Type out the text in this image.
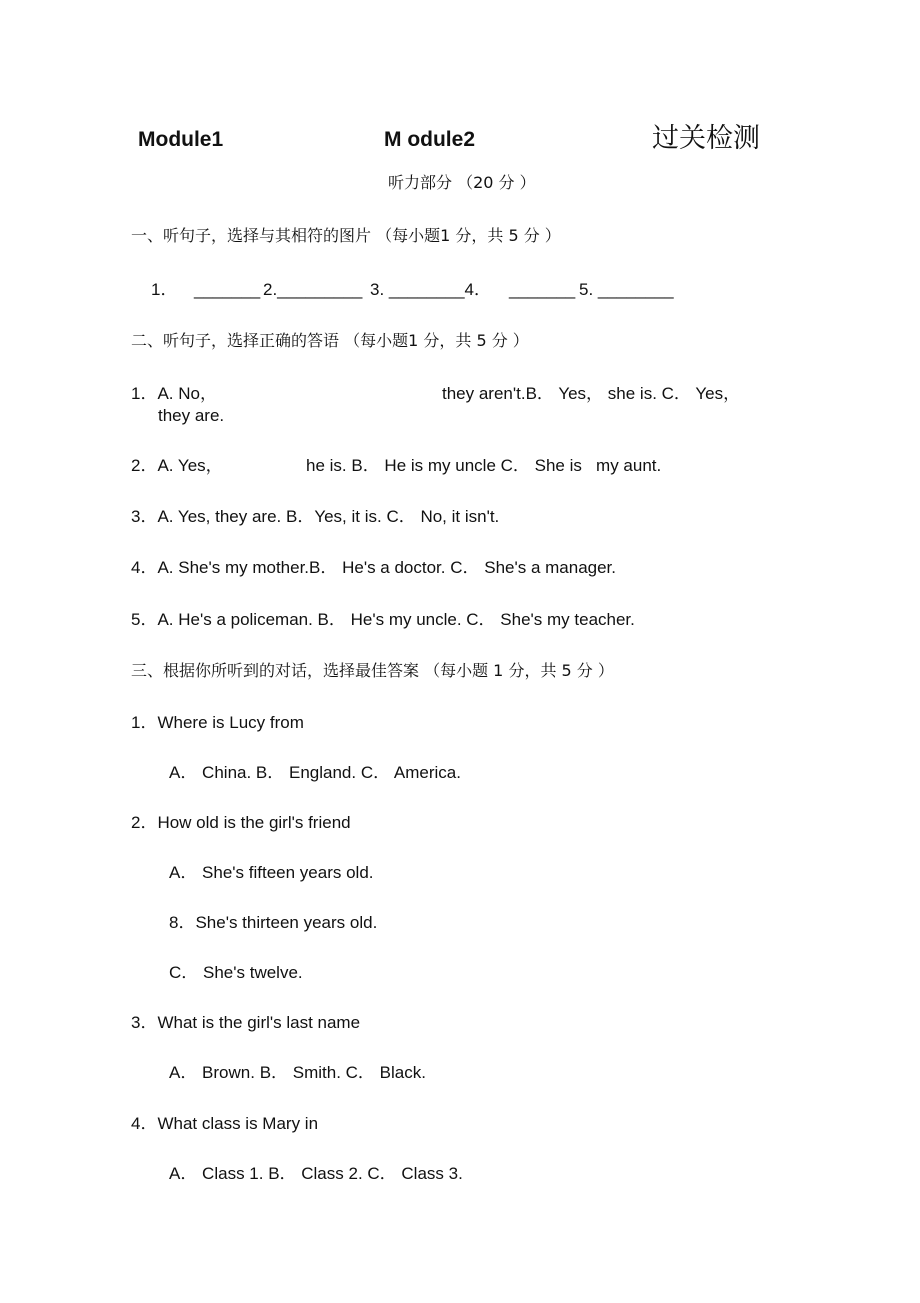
Module1	M odule2	过关检测
听力部分 （20 分 ）
一、听句子，选择与其相符的图片 （每小题1 分，共 5 分 ）
1． _______ 2._________ 3. ________4． _______ 5. ________
二、听句子，选择正确的答语 （每小题1 分，共 5 分 ）
1．A. No，	they aren't.B． Yes， she is. C． Yes，
they are.
2．A. Yes，	he is. B． He is my uncle C． She is   my aunt.
3．A. Yes, they are. B．Yes, it is. C． No, it isn't.
4．A. She's my mother.B． He's a doctor. C． She's a manager.
5．A. He's a policeman. B． He's my uncle. C． She's my teacher.
三、根据你所听到的对话，选择最佳答案 （每小题 1 分，共 5 分 ）
1．Where is Lucy from
A． China. B． England. C． America.
2．How old is the girl's friend
A． She's fifteen years old.
8．She's thirteen years old.
C． She's twelve.
3．What is the girl's last name
A． Brown. B． Smith. C． Black.
4．What class is Mary in
A． Class 1. B． Class 2. C． Class 3.
